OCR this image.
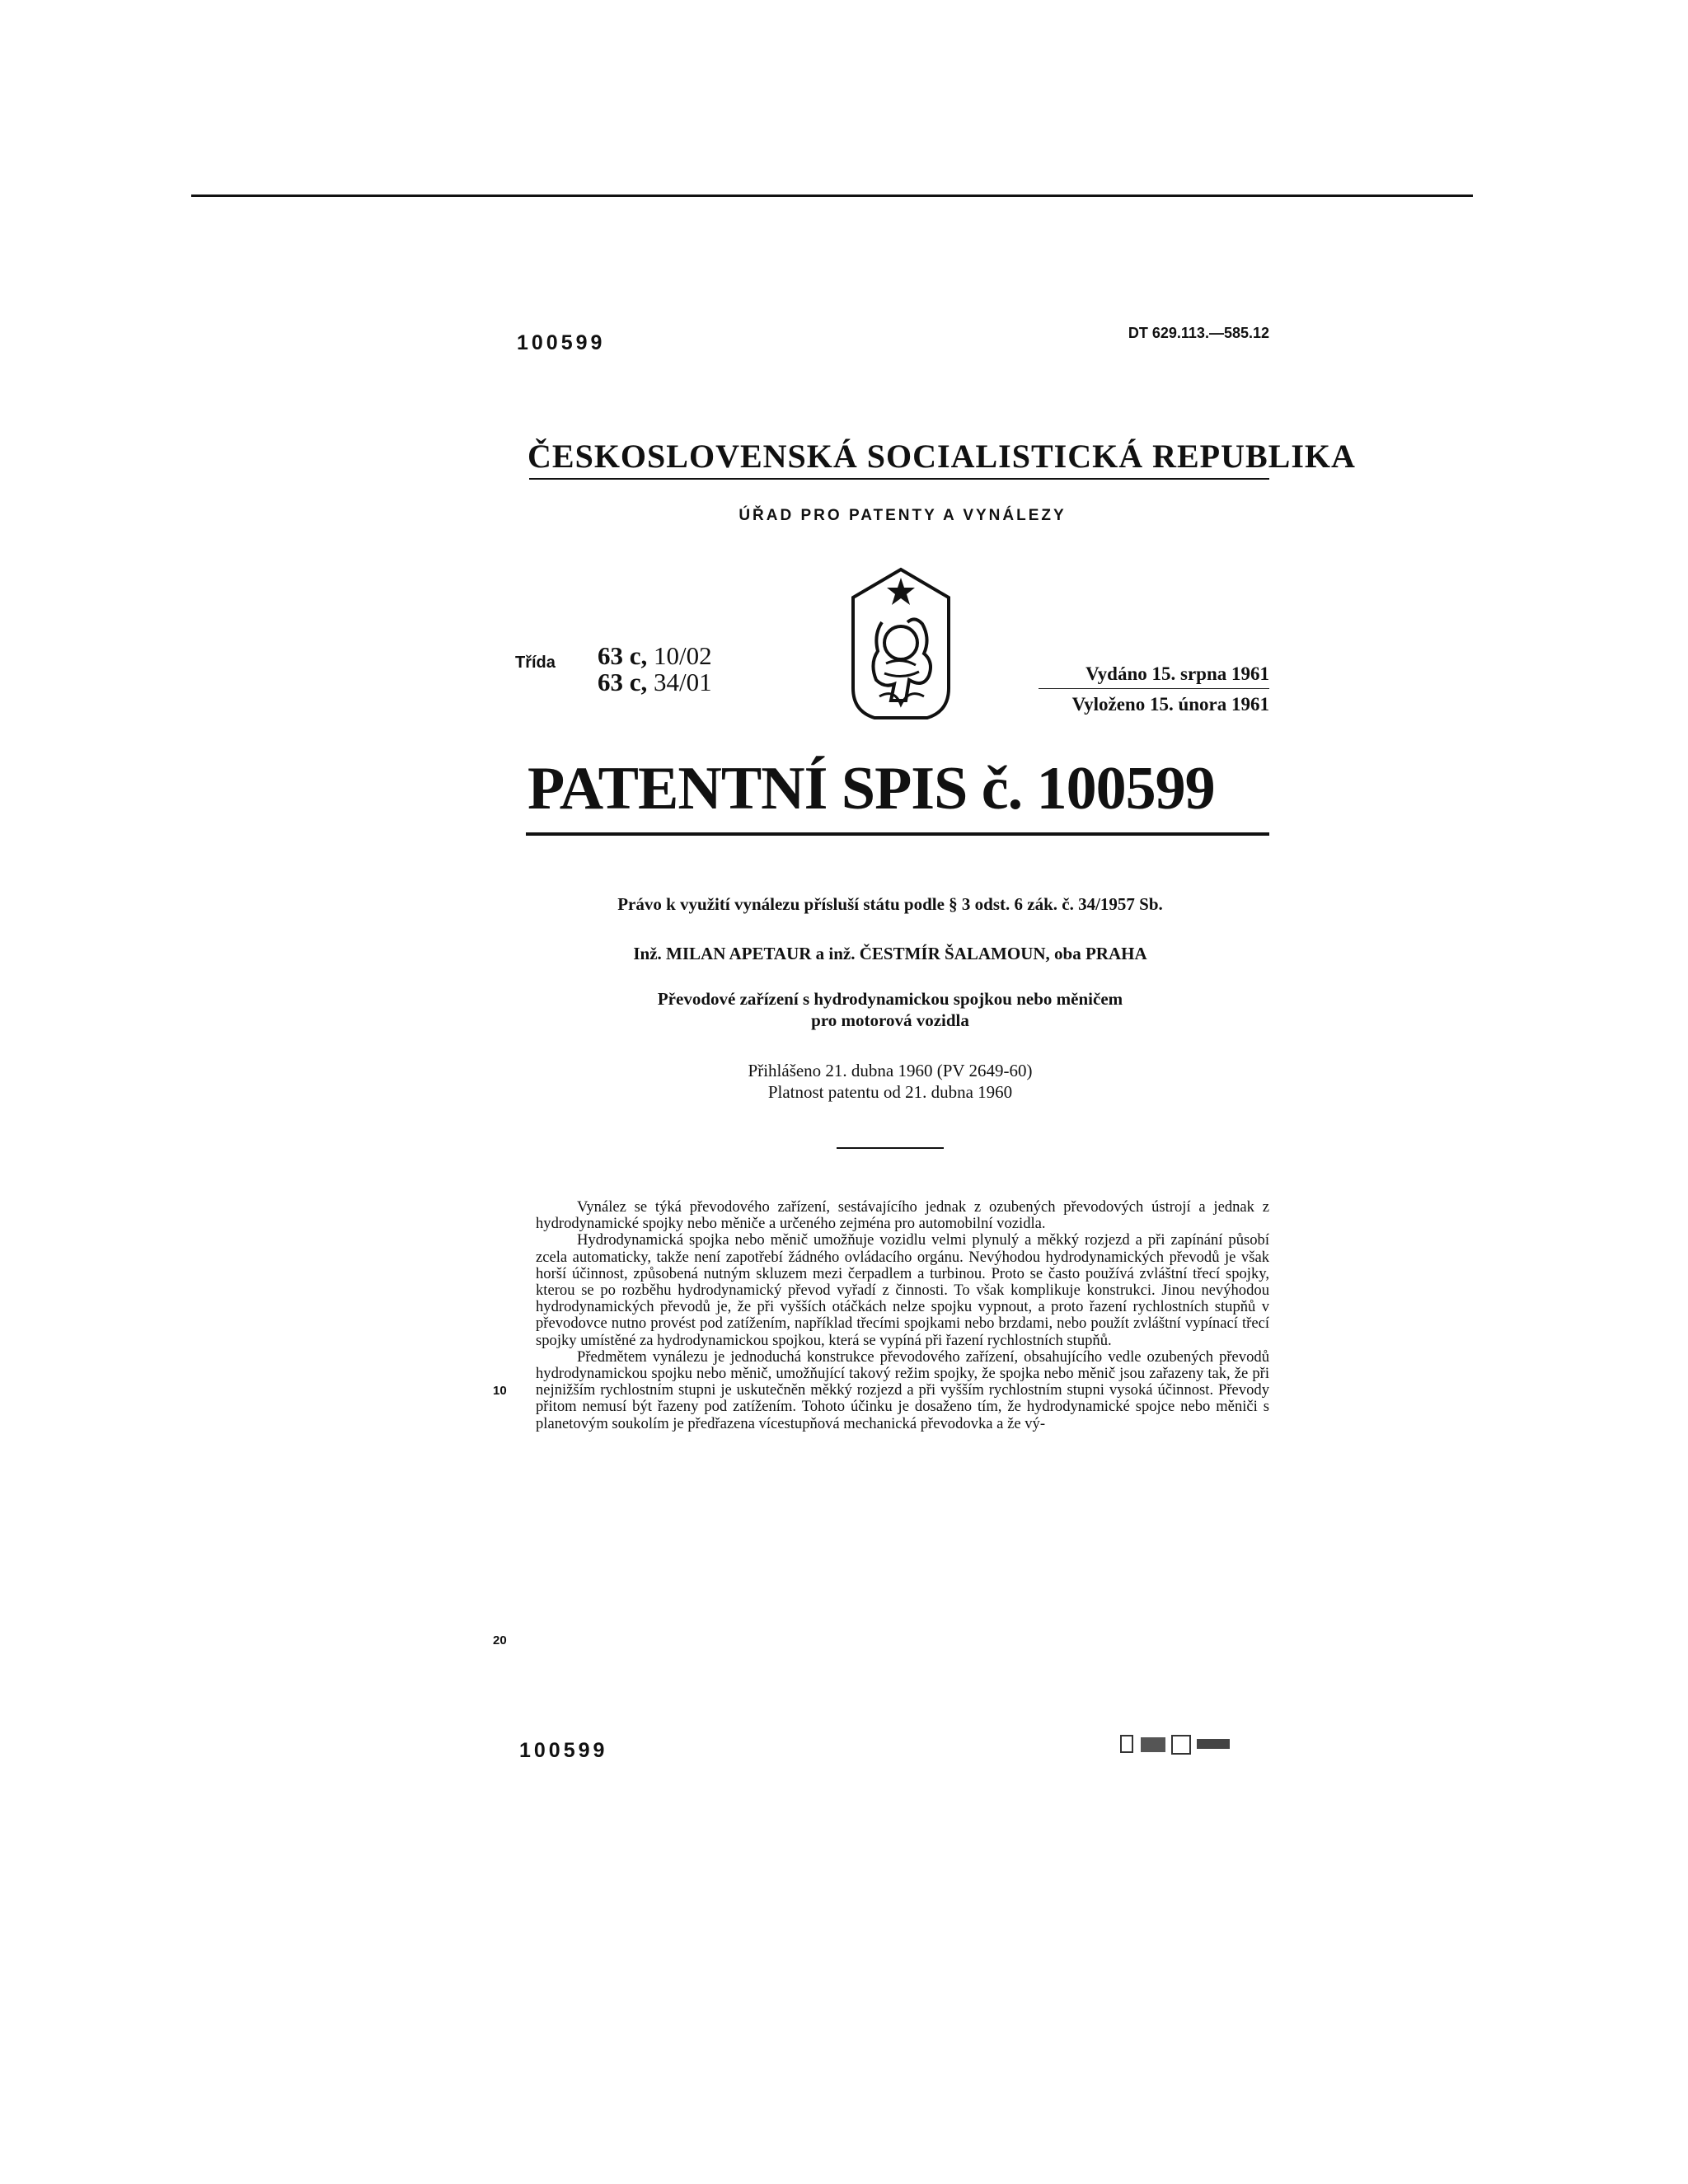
100599	DT 629.113.—585.12
ČESKOSLOVENSKÁ SOCIALISTICKÁ REPUBLIKA
ÚŘAD PRO PATENTY A VYNÁLEZY
Třída 63 c, 10/02
63 c, 34/01	Vydáno 15. srpna 1961
Vyloženo 15. února 1961
PATENTNÍ SPIS č. 100599
Právo k využití vynálezu přísluší státu podle § 3 odst. 6 zák. č. 34/1957 Sb.
Inž. MILAN APETAUR a inž. ČESTMÍR ŠALAMOUN, oba PRAHA
Převodové zařízení s hydrodynamickou spojkou nebo měničem
pro motorová vozidla
Přihlášeno 21. dubna 1960 (PV 2649-60)
Platnost patentu od 21. dubna 1960
10
20

Vynález se týká převodového zařízení, sestávajícího jednak z ozubených převodových ústrojí a jednak z hydrodynamické spojky nebo měniče a určeného zejména pro automobilní vozidla.

Hydrodynamická spojka nebo měnič umožňuje vozidlu velmi plynulý a měkký rozjezd a při zapínání působí zcela automaticky, takže není zapotřebí žádného ovládacího orgánu. Nevýhodou hydrodynamických převodů je však horší účinnost, způsobená nutným skluzem mezi čerpadlem a turbinou. Proto se často používá zvláštní třecí spojky, kterou se po rozběhu hydrodynamický převod vyřadí z činnosti. To však komplikuje konstrukci. Jinou nevýhodou hydrodynamických převodů je, že při vyšších otáčkách nelze spojku vypnout, a proto řazení rychlostních stupňů v převodovce nutno provést pod zatížením, například třecími spojkami nebo brzdami, nebo použít zvláštní vypínací třecí spojky umístěné za hydrodynamickou spojkou, která se vypíná při řazení rychlostních stupňů.

Předmětem vynálezu je jednoduchá konstrukce převodového zařízení, obsahujícího vedle ozubených převodů hydrodynamickou spojku nebo měnič, umožňující takový režim spojky, že spojka nebo měnič jsou zařazeny tak, že při nejnižším rychlostním stupni je uskutečněn měkký rozjezd a při vyšším rychlostním stupni vysoká účinnost. Převody přitom nemusí být řazeny pod zatížením. Tohoto účinku je dosaženo tím, že hydrodynamické spojce nebo měniči s planetovým soukolím je předřazena vícestupňová mechanická převodovka a že vý-

100599
